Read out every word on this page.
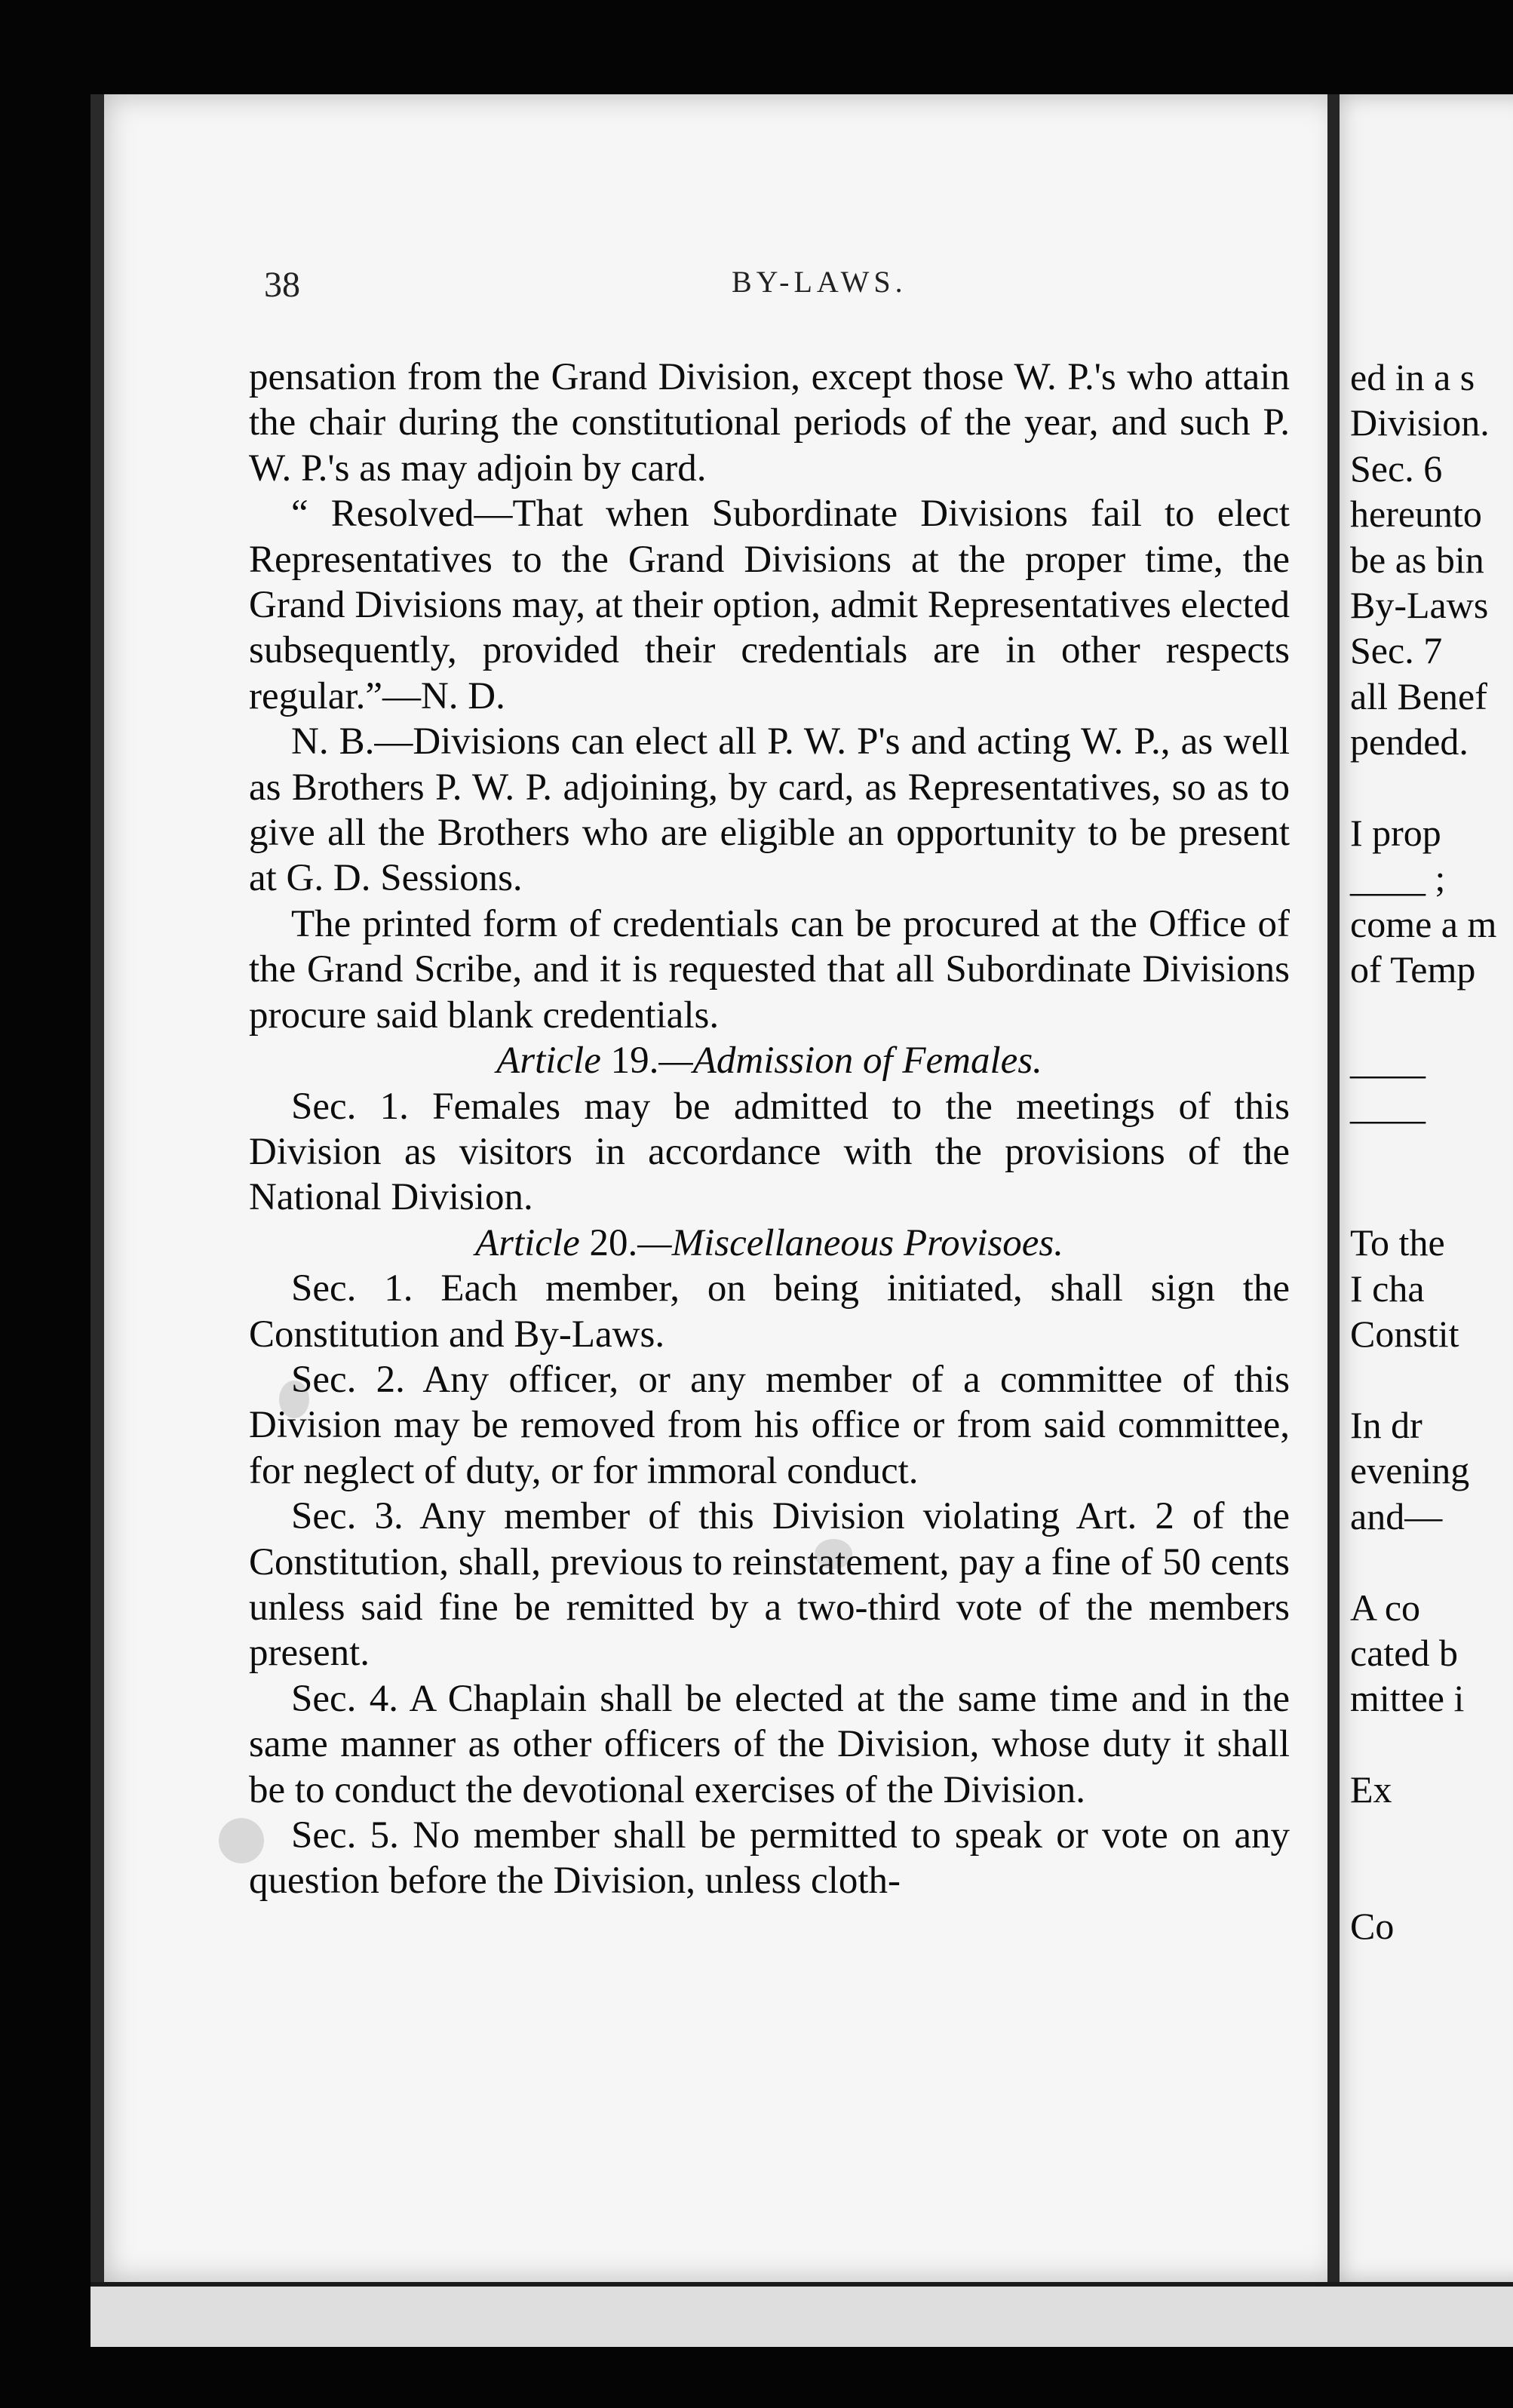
38	BY-LAWS.

pensation from the Grand Division, except those W. P.'s who attain the chair during the constitutional periods of the year, and such P. W. P.'s as may adjoin by card.

“ Resolved—That when Subordinate Divisions fail to elect Representatives to the Grand Divisions at the proper time, the Grand Divisions may, at their option, admit Representatives elected subsequently, provided their credentials are in other respects regular.”—N. D.

N. B.—Divisions can elect all P. W. P's and acting W. P., as well as Brothers P. W. P. adjoining, by card, as Representatives, so as to give all the Brothers who are eligible an opportunity to be present at G. D. Sessions.

The printed form of credentials can be procured at the Office of the Grand Scribe, and it is requested that all Subordinate Divisions procure said blank credentials.

Article 19.—Admission of Females.

Sec. 1. Females may be admitted to the meetings of this Division as visitors in accordance with the provisions of the National Division.

Article 20.—Miscellaneous Provisoes.

Sec. 1. Each member, on being initiated, shall sign the Constitution and By-Laws.

Sec. 2. Any officer, or any member of a committee of this Division may be removed from his office or from said committee, for neglect of duty, or for immoral conduct.

Sec. 3. Any member of this Division violating Art. 2 of the Constitution, shall, previous to reinstatement, pay a fine of 50 cents unless said fine be remitted by a two-third vote of the members present.

Sec. 4. A Chaplain shall be elected at the same time and in the same manner as other officers of the Division, whose duty it shall be to conduct the devotional exercises of the Division.

Sec. 5. No member shall be permitted to speak or vote on any question before the Division, unless cloth-

ed in a s
Division.
Sec. 6
hereunto
be as bin
By-Laws
Sec. 7
all Benef
pended.
I prop
____ ;
come a m
of Temp
____
____
To the
I cha
Constit
In dr
evening
and—
A co
cated b
mittee i
Ex
Co
